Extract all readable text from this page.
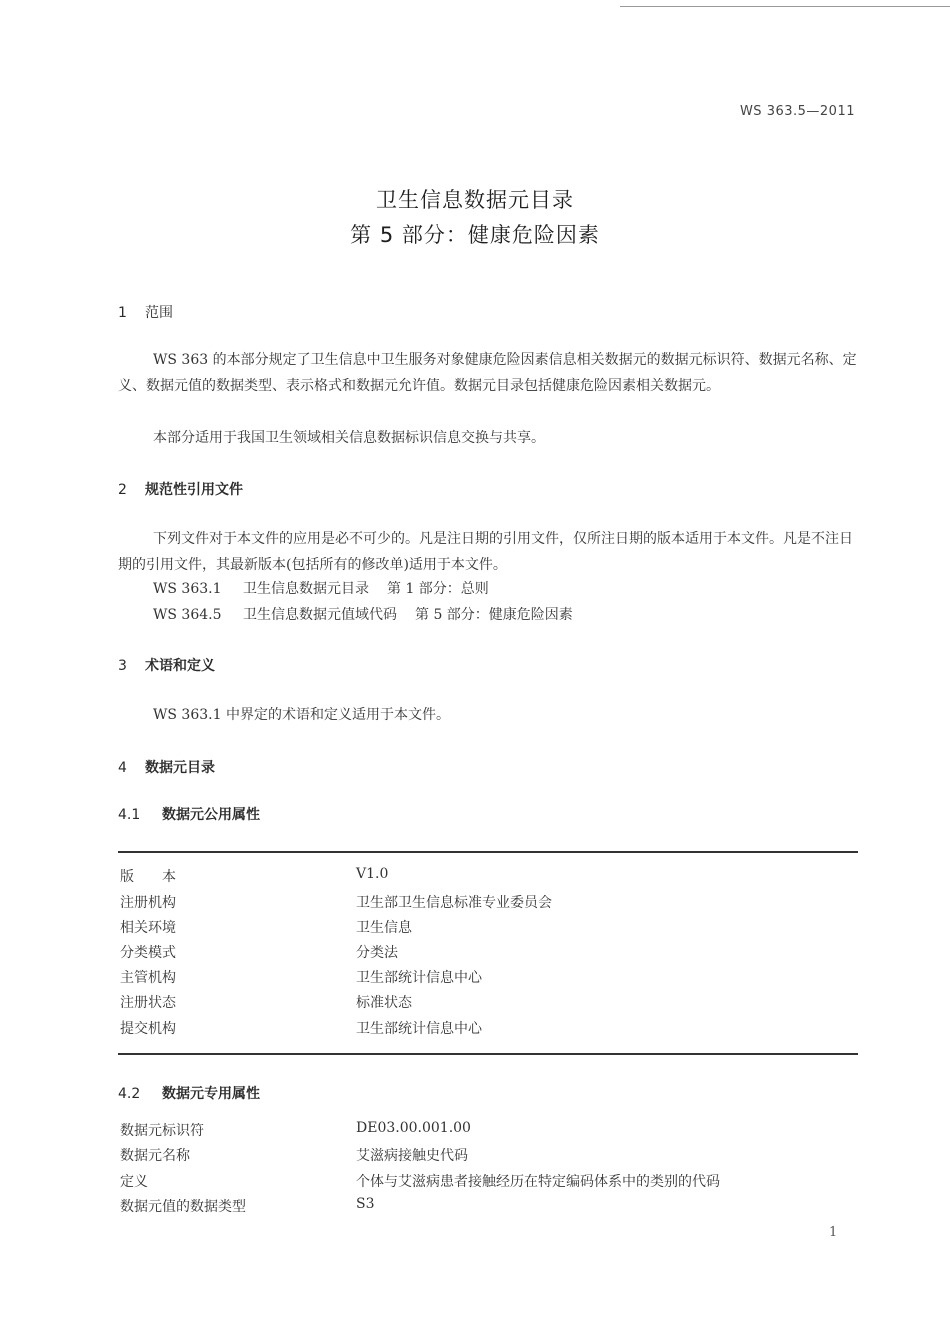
WS 363.5—2011
卫生信息数据元目录
第 5 部分：健康危险因素
1 范围
WS 363 的本部分规定了卫生信息中卫生服务对象健康危险因素信息相关数据元的数据元标识符、数据元名称、定义、数据元值的数据类型、表示格式和数据元允许值。数据元目录包括健康危险因素相关数据元。
本部分适用于我国卫生领域相关信息数据标识信息交换与共享。
2 规范性引用文件
下列文件对于本文件的应用是必不可少的。凡是注日期的引用文件，仅所注日期的版本适用于本文件。凡是不注日期的引用文件，其最新版本(包括所有的修改单)适用于本文件。
WS 363.1 卫生信息数据元目录 第 1 部分：总则
WS 364.5 卫生信息数据元值域代码 第 5 部分：健康危险因素
3 术语和定义
WS 363.1 中界定的术语和定义适用于本文件。
4 数据元目录
4.1 数据元公用属性
版　　本	V1.0
注册机构	卫生部卫生信息标准专业委员会
相关环境	卫生信息
分类模式	分类法
主管机构	卫生部统计信息中心
注册状态	标准状态
提交机构	卫生部统计信息中心
4.2 数据元专用属性
数据元标识符	DE03.00.001.00
数据元名称	艾滋病接触史代码
定义	个体与艾滋病患者接触经历在特定编码体系中的类别的代码
数据元值的数据类型	S3
1
